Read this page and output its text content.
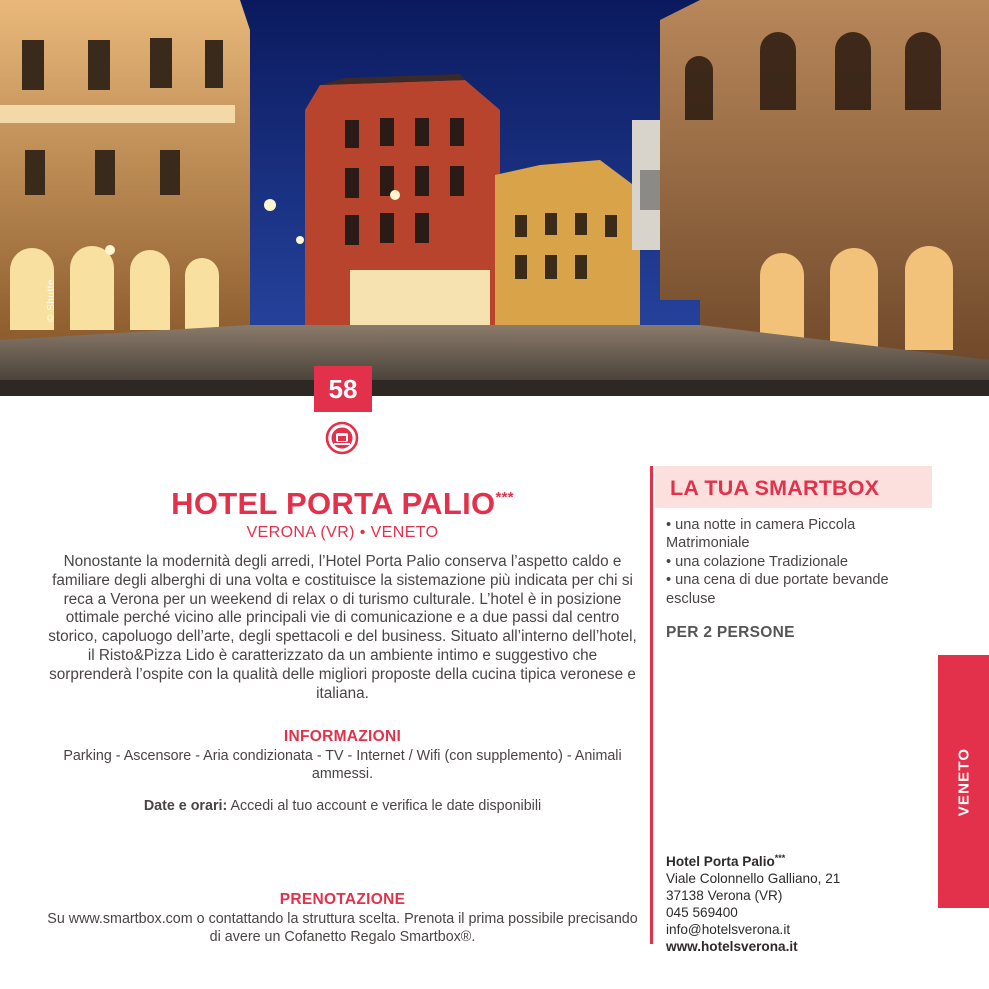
© Shutte
58
HOTEL PORTA PALIO***
VERONA (VR) • VENETO
Nonostante la modernità degli arredi, l’Hotel Porta Palio conserva l’aspetto caldo e familiare degli alberghi di una volta e costituisce la sistemazione più indicata per chi si reca a Verona per un weekend di relax o di turismo culturale. L’hotel è in posizione ottimale perché vicino alle principali vie di comunicazione e a due passi dal centro storico, capoluogo dell’arte, degli spettacoli e del business. Situato all’interno dell’hotel, il Risto&Pizza Lido è caratterizzato da un ambiente intimo e suggestivo che sorprenderà l’ospite con la qualità delle migliori proposte della cucina tipica veronese e italiana.
INFORMAZIONI
Parking - Ascensore - Aria condizionata - TV - Internet / Wifi (con supplemento) - Animali ammessi.
Date e orari: Accedi al tuo account e verifica le date disponibili
PRENOTAZIONE
Su www.smartbox.com o contattando la struttura scelta. Prenota il prima possibile precisando di avere un Cofanetto Regalo Smartbox®.
LA TUA SMARTBOX
• una notte in camera Piccola Matrimoniale
• una colazione Tradizionale
• una cena di due portate bevande escluse
PER 2 PERSONE
Hotel Porta Palio***
Viale Colonnello Galliano, 21
37138 Verona (VR)
045 569400
info@hotelsverona.it
www.hotelsverona.it
VENETO
